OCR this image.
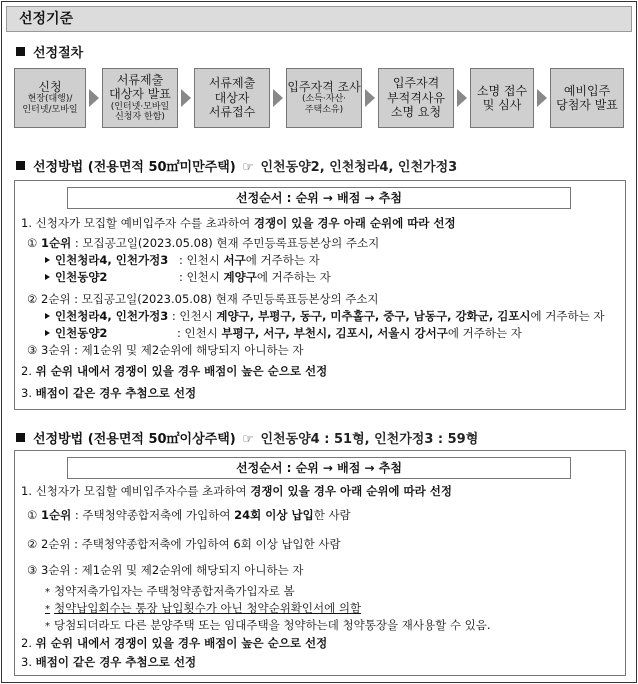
선정기준
선정절차
신청
현장(대행)/
인터넷/모바일
서류제출
대상자 발표
(인터넷·모바일
신청자 한함)
서류제출
대상자
서류접수
입주자격 조사
(소득·자산·
주택소유)
입주자격
부적격사유
소명 요청
소명 접수
및 심사
예비입주
당첨자 발표
선정방법 (전용면적 50㎡미만주택) ☞ 인천동양2, 인천청라4, 인천가정3
선정순서 : 순위 → 배점 → 추첨
1. 신청자가 모집할 예비입주자 수를 초과하여 경쟁이 있을 경우 아래 순위에 따라 선정
① 1순위 : 모집공고일(2023.05.08) 현재 주민등록표등본상의 주소지
인천청라4, 인천가정3 : 인천시 서구에 거주하는 자
인천동양2	: 인천시 계양구에 거주하는 자
② 2순위 : 모집공고일(2023.05.08) 현재 주민등록표등본상의 주소지
인천청라4, 인천가정3 : 인천시 계양구, 부평구, 동구, 미추홀구, 중구, 남동구, 강화군, 김포시에 거주하는 자
인천동양2	: 인천시 부평구, 서구, 부천시, 김포시, 서울시 강서구에 거주하는 자
③ 3순위 : 제1순위 및 제2순위에 해당되지 아니하는 자
2. 위 순위 내에서 경쟁이 있을 경우 배점이 높은 순으로 선정
3. 배점이 같은 경우 추첨으로 선정
선정방법 (전용면적 50㎡이상주택) ☞ 인천동양4 : 51형, 인천가정3 : 59형
선정순서 : 순위 → 배점 → 추첨
1. 신청자가 모집할 예비입주자수를 초과하여 경쟁이 있을 경우 아래 순위에 따라 선정
① 1순위 : 주택청약종합저축에 가입하여 24회 이상 납입한 사람
② 2순위 : 주택청약종합저축에 가입하여 6회 이상 납입한 사람
③ 3순위 : 제1순위 및 제2순위에 해당되지 아니하는 자
* 청약저축가입자는 주택청약종합저축가입자로 봄
* 청약납입회수는 통장 납입횟수가 아닌 청약순위확인서에 의함
* 당첨되더라도 다른 분양주택 또는 임대주택을 청약하는데 청약통장을 재사용할 수 있음.
2. 위 순위 내에서 경쟁이 있을 경우 배점이 높은 순으로 선정
3. 배점이 같은 경우 추첨으로 선정
